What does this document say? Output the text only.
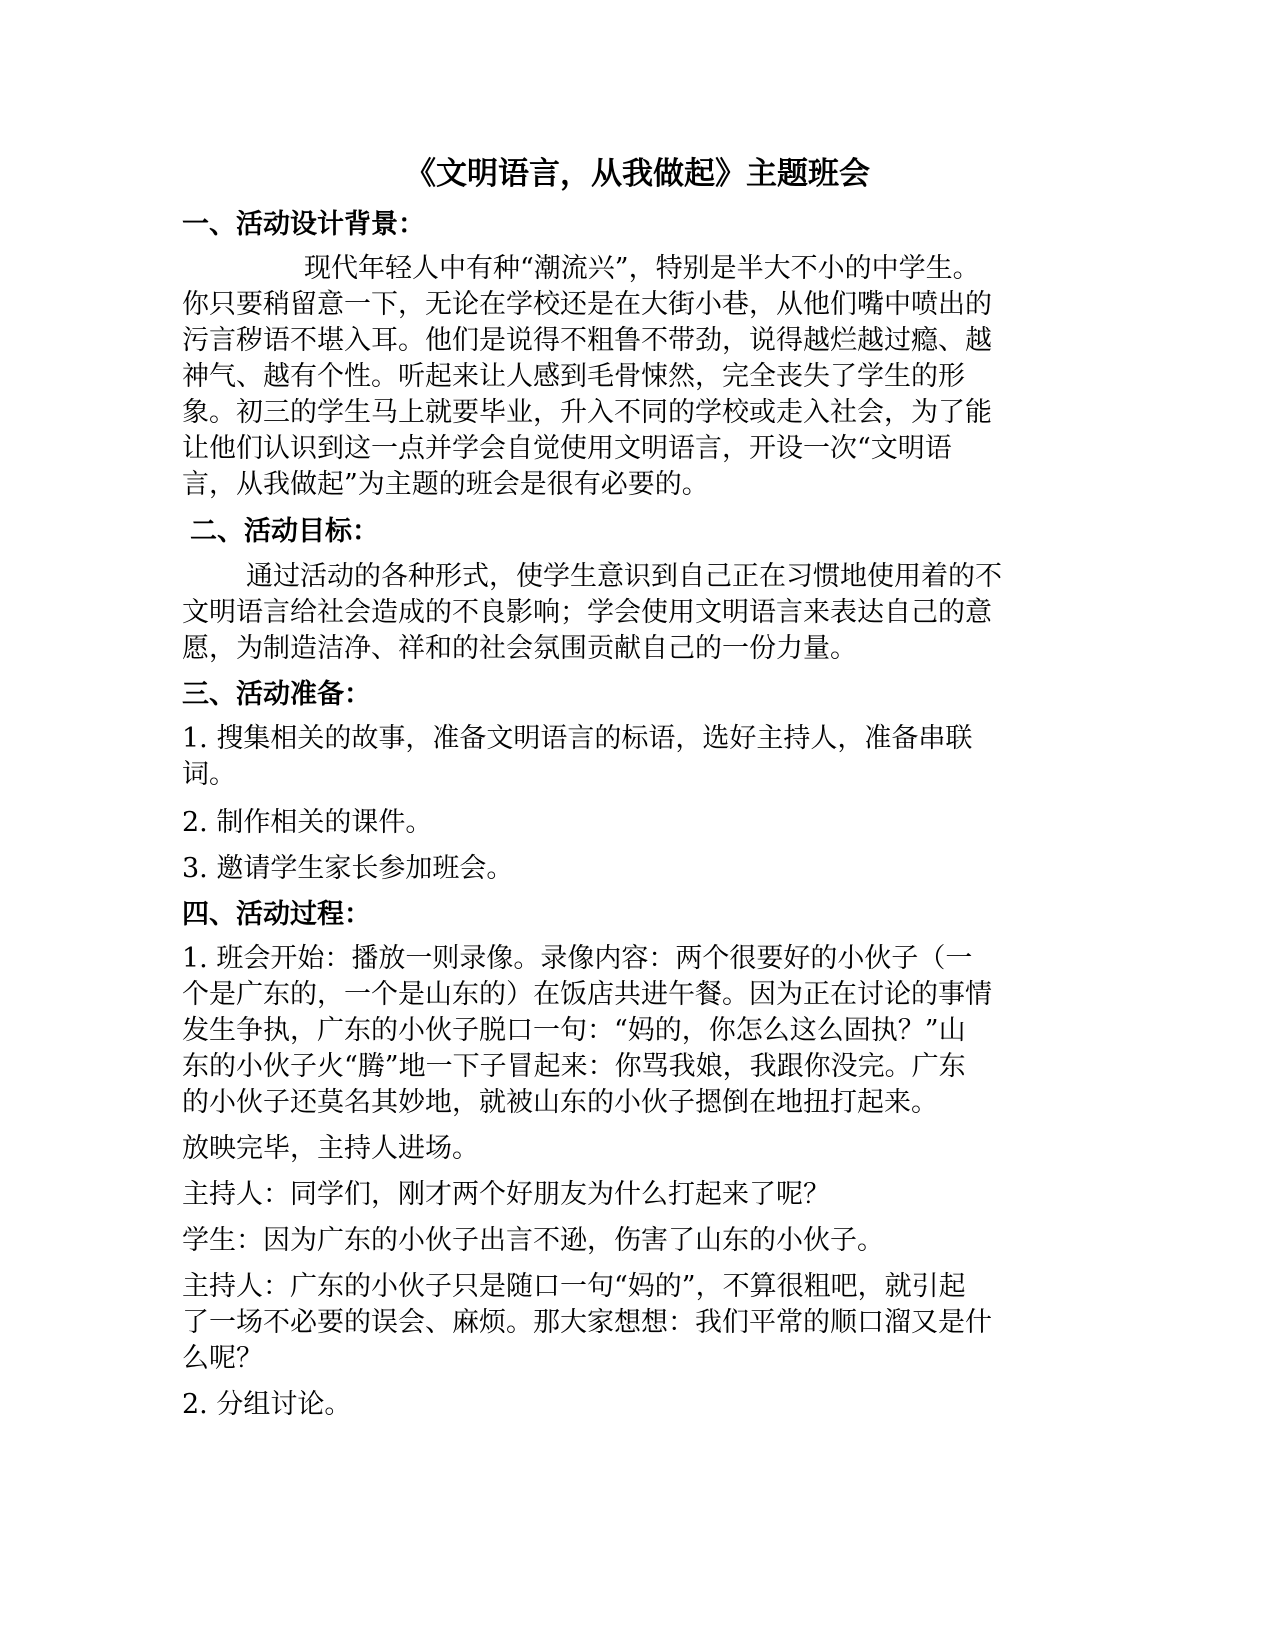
《文明语言，从我做起》主题班会
一、活动设计背景：
现代年轻人中有种“潮流兴”，特别是半大不小的中学生。
你只要稍留意一下，无论在学校还是在大街小巷，从他们嘴中喷出的
污言秽语不堪入耳。他们是说得不粗鲁不带劲，说得越烂越过瘾、越
神气、越有个性。听起来让人感到毛骨悚然，完全丧失了学生的形
象。初三的学生马上就要毕业，升入不同的学校或走入社会，为了能
让他们认识到这一点并学会自觉使用文明语言，开设一次“文明语
言，从我做起”为主题的班会是很有必要的。
二、活动目标：
通过活动的各种形式，使学生意识到自己正在习惯地使用着的不
文明语言给社会造成的不良影响；学会使用文明语言来表达自己的意
愿，为制造洁净、祥和的社会氛围贡献自己的一份力量。
三、活动准备：
1. 搜集相关的故事，准备文明语言的标语，选好主持人，准备串联
词。
2. 制作相关的课件。
3. 邀请学生家长参加班会。
四、活动过程：
1. 班会开始：播放一则录像。录像内容：两个很要好的小伙子（一
个是广东的，一个是山东的）在饭店共进午餐。因为正在讨论的事情
发生争执，广东的小伙子脱口一句：“妈的，你怎么这么固执？”山
东的小伙子火“腾”地一下子冒起来：你骂我娘，我跟你没完。广东
的小伙子还莫名其妙地，就被山东的小伙子摁倒在地扭打起来。
放映完毕，主持人进场。
主持人：同学们，刚才两个好朋友为什么打起来了呢？
学生：因为广东的小伙子出言不逊，伤害了山东的小伙子。
主持人：广东的小伙子只是随口一句“妈的”，不算很粗吧，就引起
了一场不必要的误会、麻烦。那大家想想：我们平常的顺口溜又是什
么呢？
2. 分组讨论。
